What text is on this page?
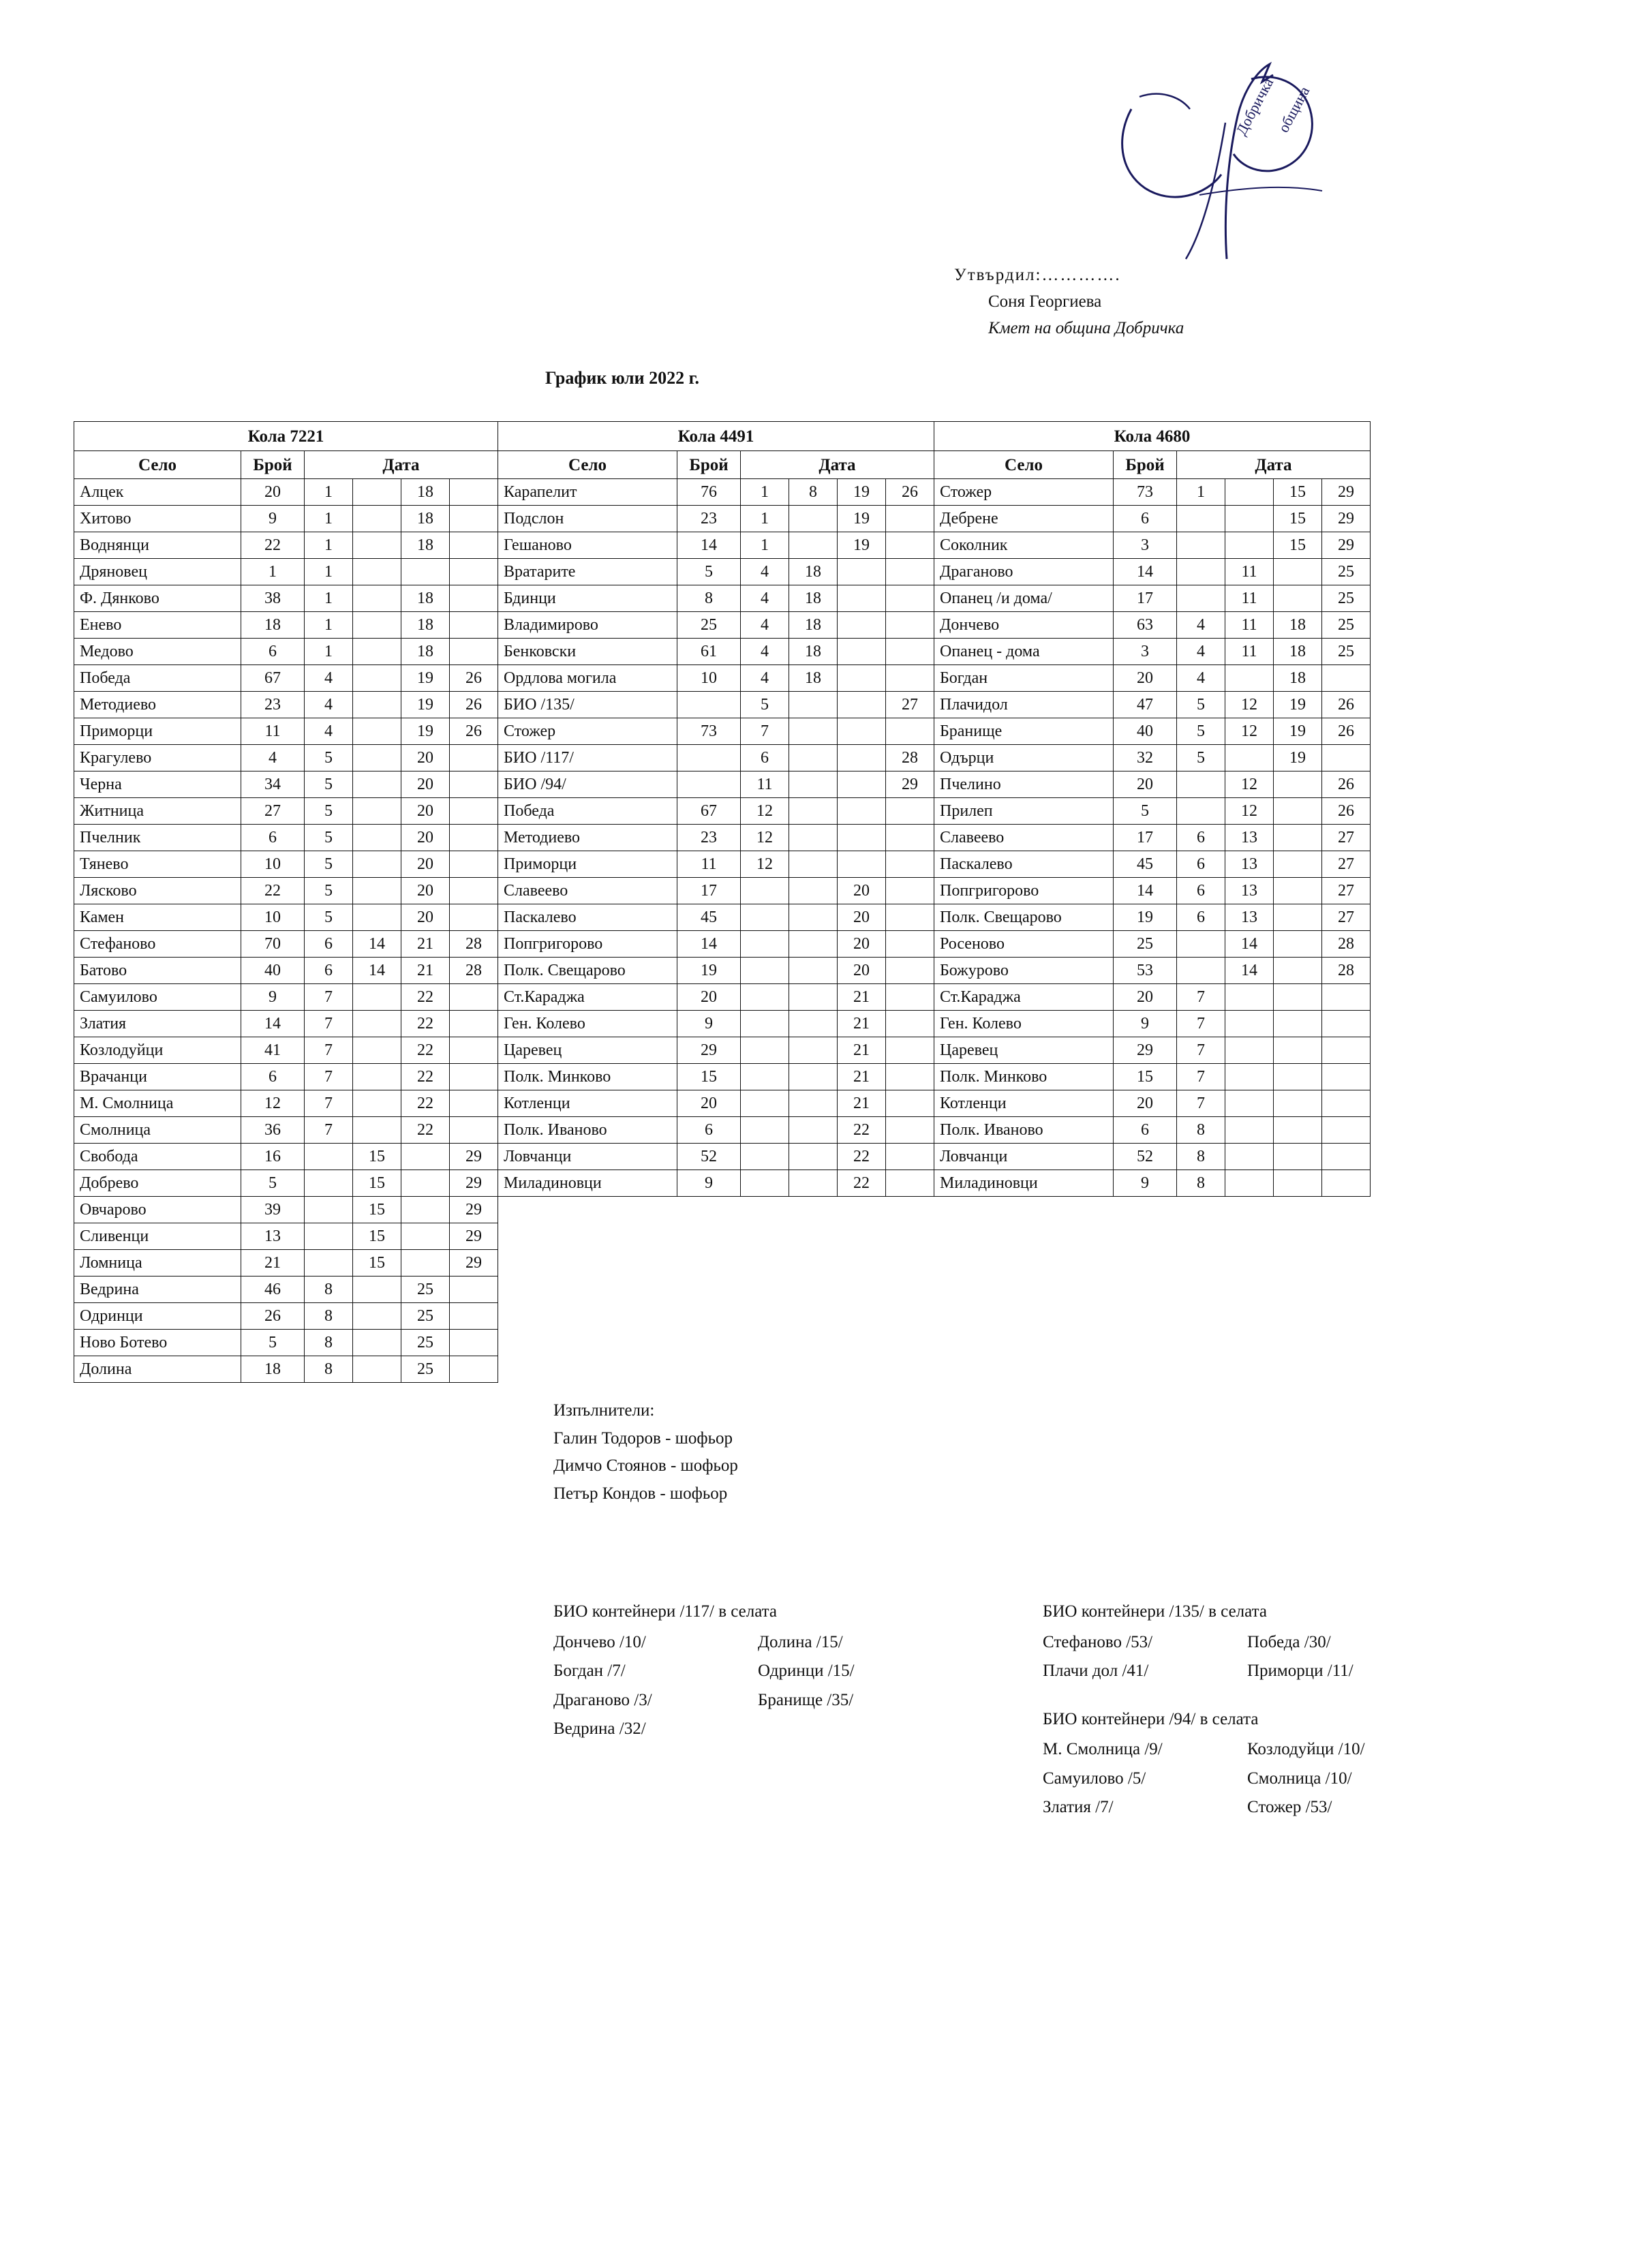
Добричка
община
Утвърдил:………….
Соня Георгиева
Кмет на община Добричка
График юли 2022 г.
Кола 7221						Кола 4491						Кола 4680					
Село	Брой	Дата				Село	Брой	Дата				Село	Брой	Дата			
Алцек	20	1		18		Карапелит	76	1	8	19	26	Стожер	73	1		15	29
Хитово	9	1		18		Подслон	23	1		19		Дебренe	6			15	29
Воднянци	22	1		18		Гешаново	14	1		19		Соколник	3			15	29
Дряновец	1	1				Вратарите	5	4	18			Драганово	14		11		25
Ф. Дянково	38	1		18		Бдинци	8	4	18			Опанец /и дома/	17		11		25
Енево	18	1		18		Владимирово	25	4	18			Дончево	63	4	11	18	25
Медово	6	1		18		Бенковски	61	4	18			Опанец - дома	3	4	11	18	25
Победа	67	4		19	26	Ордлова могила	10	4	18			Богдан	20	4		18	
Методиево	23	4		19	26	БИО /135/		5			27	Плачидол	47	5	12	19	26
Приморци	11	4		19	26	Стожер	73	7				Бранище	40	5	12	19	26
Крагулево	4	5		20		БИО /117/		6			28	Одърци	32	5		19	
Черна	34	5		20		БИО /94/		11			29	Пчелино	20		12		26
Житница	27	5		20		Победа	67	12				Прилеп	5		12		26
Пчелник	6	5		20		Методиево	23	12				Славеево	17	6	13		27
Тянево	10	5		20		Приморци	11	12				Паскалево	45	6	13		27
Лясково	22	5		20		Славеево	17			20		Попгригорово	14	6	13		27
Камен	10	5		20		Паскалево	45			20		Полк. Свещарово	19	6	13		27
Стефаново	70	6	14	21	28	Попгригорово	14			20		Росеново	25		14		28
Батово	40	6	14	21	28	Полк. Свещарово	19			20		Божурово	53		14		28
Самуилово	9	7		22		Ст.Караджа	20			21		Ст.Караджа	20	7			
Златия	14	7		22		Ген. Колево	9			21		Ген. Колево	9	7			
Козлодуйци	41	7		22		Царевец	29			21		Царевец	29	7			
Врачанци	6	7		22		Полк. Минково	15			21		Полк. Минково	15	7			
М. Смолница	12	7		22		Котленци	20			21		Котленци	20	7			
Смолница	36	7		22		Полк. Иваново	6			22		Полк. Иваново	6	8			
Свобода	16		15		29	Ловчанци	52			22		Ловчанци	52	8			
Добрево	5		15		29	Миладиновци	9			22		Миладиновци	9	8			
Овчарово	39		15		29												
Сливенци	13		15		29												
Ломница	21		15		29												
Ведрина	46	8		25													
Одринци	26	8		25													
Ново Ботево	5	8		25													
Долина	18	8		25													
Изпълнители:
Галин Тодоров - шофьор
Димчо Стоянов - шофьор
Петър Кондов - шофьор
БИО контейнери /117/ в селата
Дончево /10/	Долина /15/
Богдан /7/	Одринци /15/
Драганово /3/	Бранище /35/
Ведрина /32/
БИО контейнери /135/ в селата
Стефаново /53/	Победа /30/
Плачи дол /41/	Приморци /11/
БИО контейнери /94/ в селата
М. Смолница /9/	Козлодуйци /10/
Самуилово /5/	Смолница /10/
Златия /7/	Стожер /53/
